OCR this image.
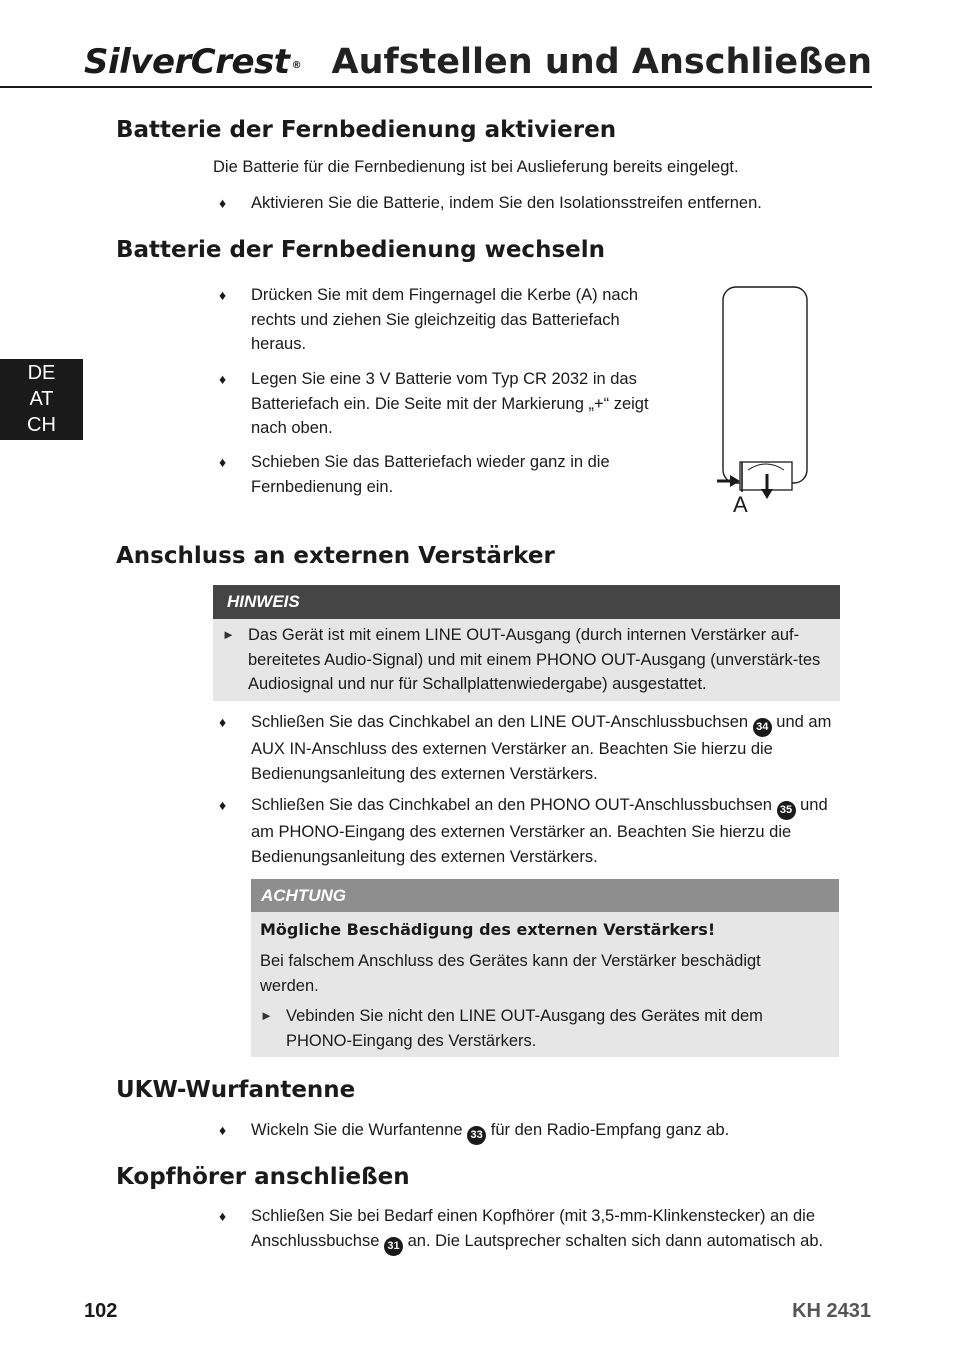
SilverCrest ® Aufstellen und Anschließen
DE
AT
CH
Batterie der Fernbedienung aktivieren
Die Batterie für die Fernbedienung ist bei Auslieferung bereits eingelegt.
♦ Aktivieren Sie die Batterie, indem Sie den Isolationsstreifen entfernen.
Batterie der Fernbedienung wechseln
♦ Drücken Sie mit dem Fingernagel die Kerbe (A) nach rechts und ziehen Sie gleichzeitig das Batteriefach heraus.
♦ Legen Sie eine 3 V Batterie vom Typ CR 2032 in das Batteriefach ein. Die Seite mit der Markierung „+“ zeigt nach oben.
♦ Schieben Sie das Batteriefach wieder ganz in die Fernbedienung ein.
A
Anschluss an externen Verstärker
HINWEIS
► Das Gerät ist mit einem LINE OUT-Ausgang (durch internen Verstärker auf-bereitetes Audio-Signal) und mit einem PHONO OUT-Ausgang (unverstärk-tes Audiosignal und nur für Schallplattenwiedergabe) ausgestattet.
♦ Schließen Sie das Cinchkabel an den LINE OUT-Anschlussbuchsen 34 und am AUX IN-Anschluss des externen Verstärker an. Beachten Sie hierzu die Bedienungsanleitung des externen Verstärkers.
♦ Schließen Sie das Cinchkabel an den PHONO OUT-Anschlussbuchsen 35 und am PHONO-Eingang des externen Verstärker an. Beachten Sie hierzu die Bedienungsanleitung des externen Verstärkers.
ACHTUNG
Mögliche Beschädigung des externen Verstärkers!
Bei falschem Anschluss des Gerätes kann der Verstärker beschädigt werden.
► Vebinden Sie nicht den LINE OUT-Ausgang des Gerätes mit dem PHONO-Eingang des Verstärkers.
UKW-Wurfantenne
♦ Wickeln Sie die Wurfantenne 33 für den Radio-Empfang ganz ab.
Kopfhörer anschließen
♦ Schließen Sie bei Bedarf einen Kopfhörer (mit 3,5-mm-Klinkenstecker) an die Anschlussbuchse 31 an. Die Lautsprecher schalten sich dann automatisch ab.
102	KH 2431
